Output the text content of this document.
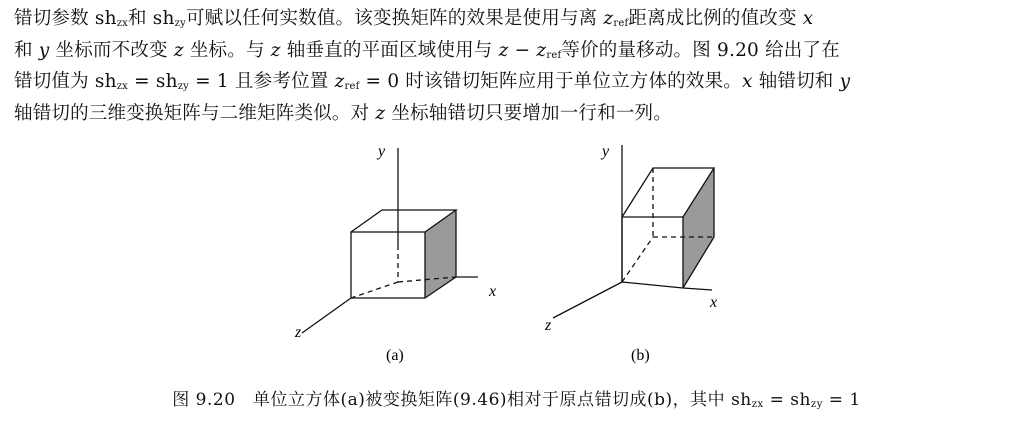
错切参数 $sh_{zx}$和 $sh_{zy}$可赋以任何实数值。该变换矩阵的效果是使用与离 $z_{ref}$距离成比例的值改变 x

和 y 坐标而不改变 z 坐标。与 z 轴垂直的平面区域使用与 $z - z_{ref}$等价的量移动。图 9.20 给出了在

错切值为 $sh_{zx} = sh_{zy} = 1$ 且参考位置 $z_{ref} = 0$ 时该错切矩阵应用于单位立方体的效果。x 轴错切和 y

轴错切的三维变换矩阵与二维矩阵类似。对 z 坐标轴错切只要增加一行和一列。

y
x
z
(a)
y
x
z
(b)
图 9.20　单位立方体(a)被变换矩阵(9.46)相对于原点错切成(b)，其中 $sh_{zx} = sh_{zy} = 1$
